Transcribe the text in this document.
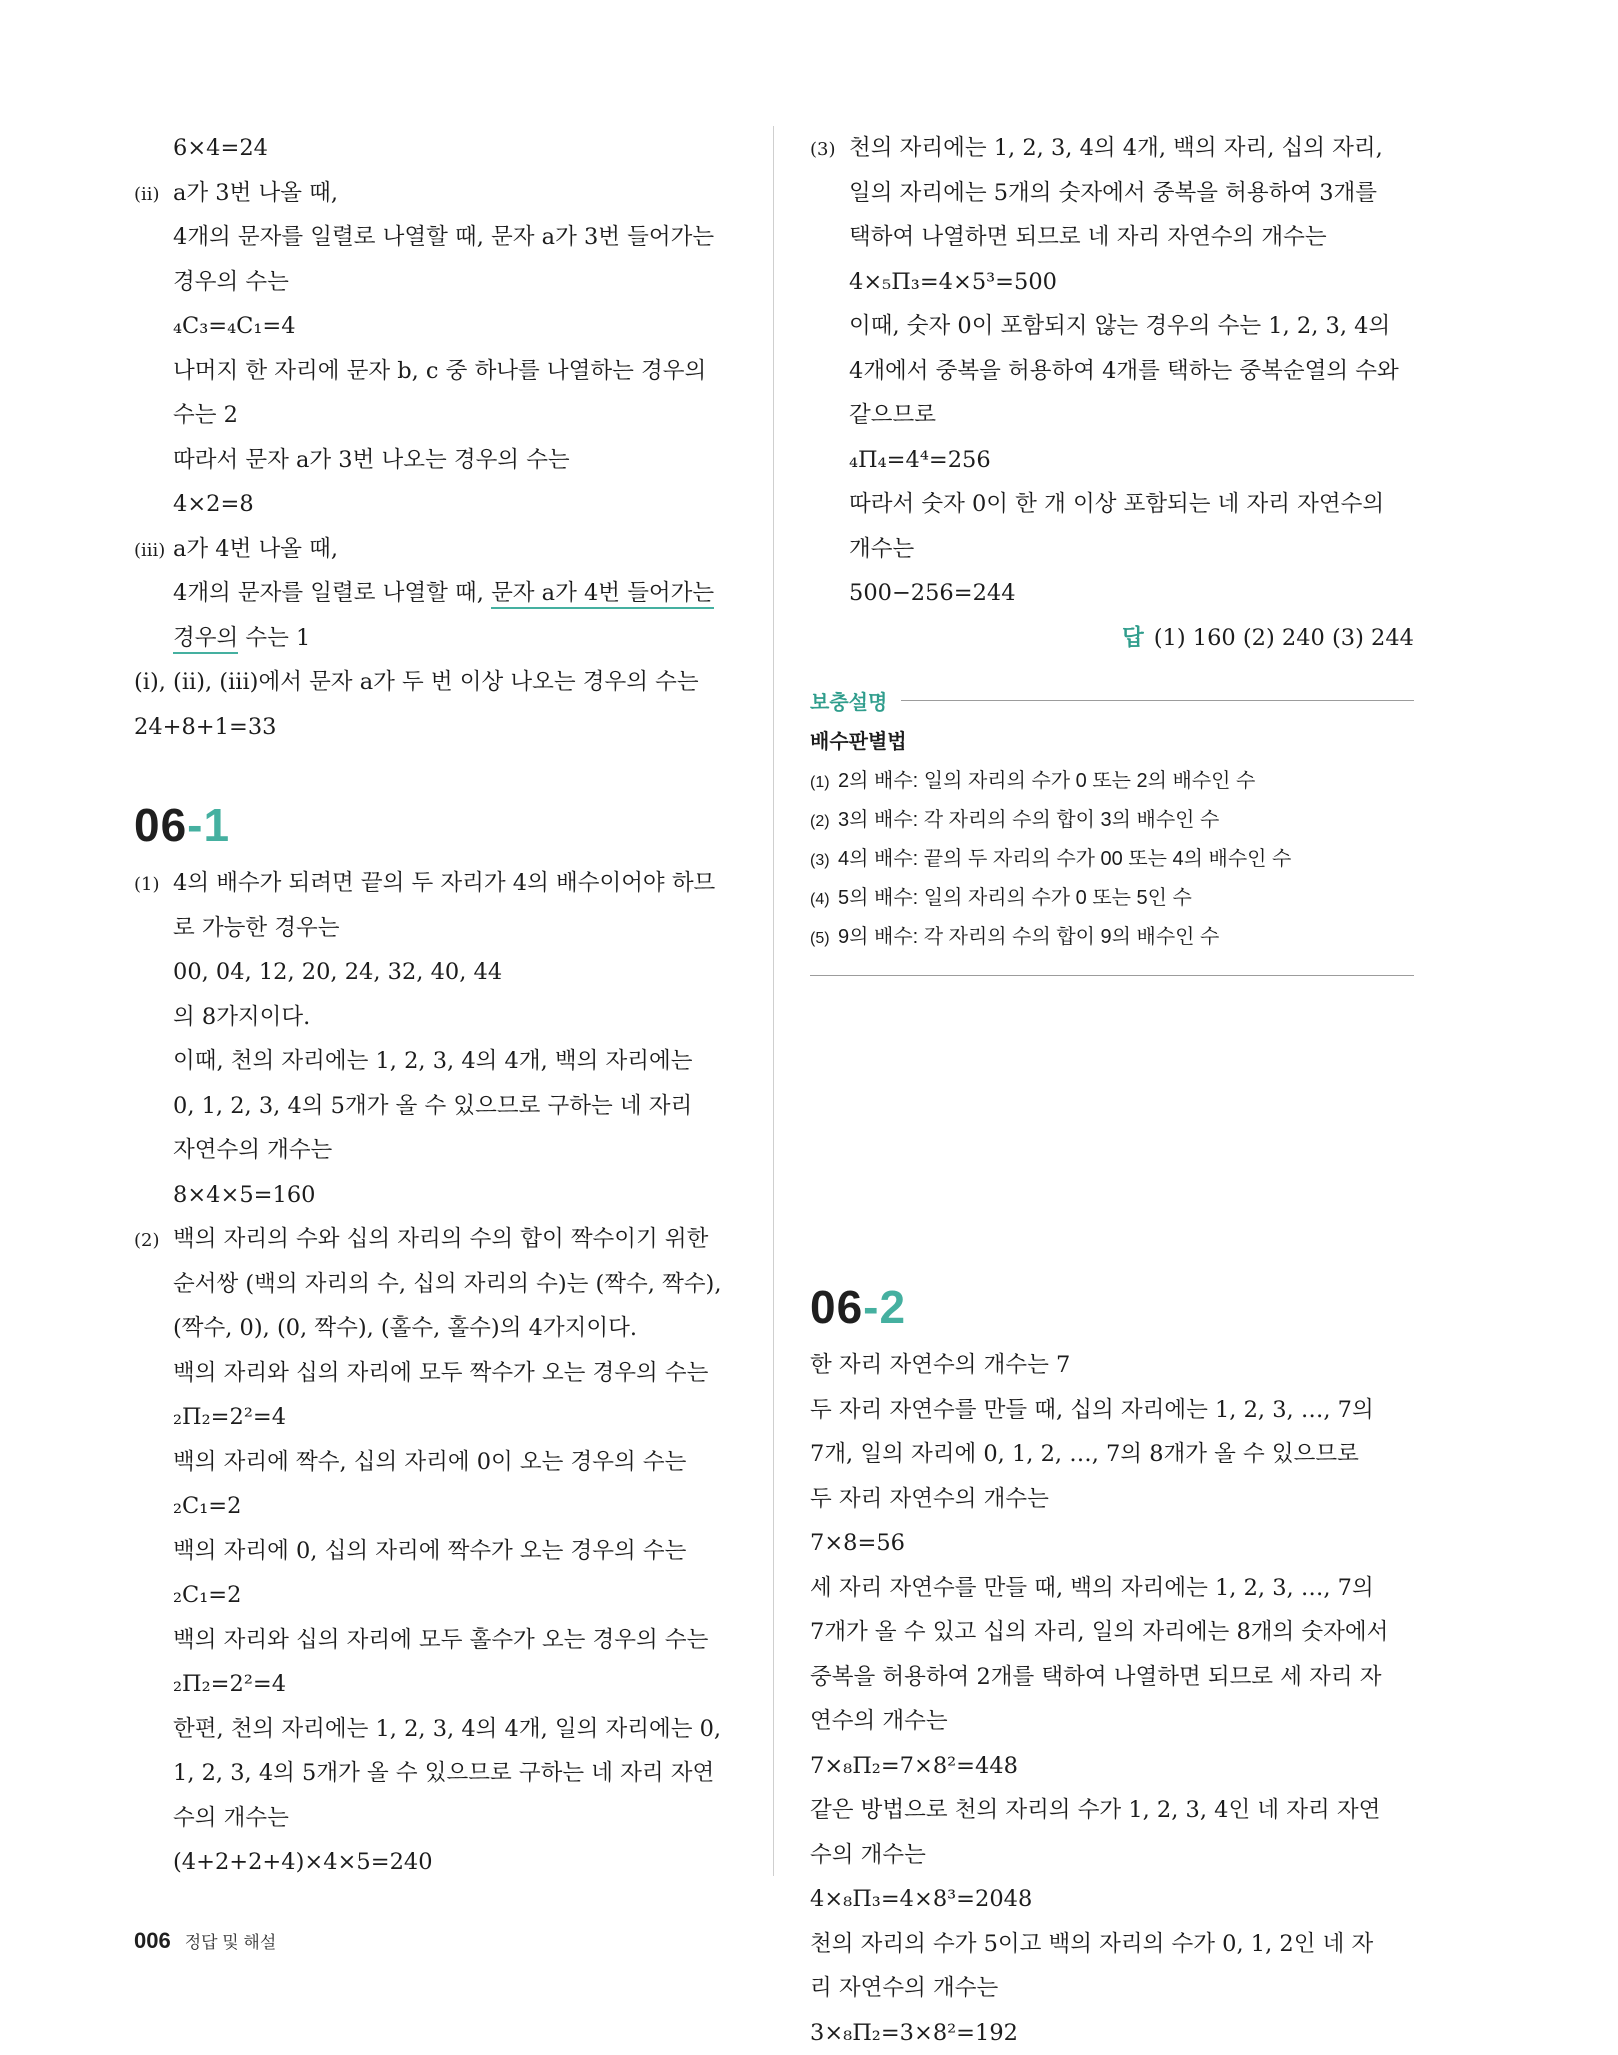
6×4=24
(ii) a가 3번 나올 때,
4개의 문자를 일렬로 나열할 때, 문자 a가 3번 들어가는
경우의 수는
₄C₃=₄C₁=4
나머지 한 자리에 문자 b, c 중 하나를 나열하는 경우의
수는 2
따라서 문자 a가 3번 나오는 경우의 수는
4×2=8
(iii) a가 4번 나올 때,
4개의 문자를 일렬로 나열할 때, 문자 a가 4번 들어가는
경우의 수는 1
(i), (ii), (iii)에서 문자 a가 두 번 이상 나오는 경우의 수는
24+8+1=33
06-1
(1) 4의 배수가 되려면 끝의 두 자리가 4의 배수이어야 하므
로 가능한 경우는
00, 04, 12, 20, 24, 32, 40, 44
의 8가지이다.
이때, 천의 자리에는 1, 2, 3, 4의 4개, 백의 자리에는
0, 1, 2, 3, 4의 5개가 올 수 있으므로 구하는 네 자리
자연수의 개수는
8×4×5=160
(2) 백의 자리의 수와 십의 자리의 수의 합이 짝수이기 위한
순서쌍 (백의 자리의 수, 십의 자리의 수)는 (짝수, 짝수),
(짝수, 0), (0, 짝수), (홀수, 홀수)의 4가지이다.
백의 자리와 십의 자리에 모두 짝수가 오는 경우의 수는
₂Π₂=2²=4
백의 자리에 짝수, 십의 자리에 0이 오는 경우의 수는
₂C₁=2
백의 자리에 0, 십의 자리에 짝수가 오는 경우의 수는
₂C₁=2
백의 자리와 십의 자리에 모두 홀수가 오는 경우의 수는
₂Π₂=2²=4
한편, 천의 자리에는 1, 2, 3, 4의 4개, 일의 자리에는 0,
1, 2, 3, 4의 5개가 올 수 있으므로 구하는 네 자리 자연
수의 개수는
(4+2+2+4)×4×5=240
(3) 천의 자리에는 1, 2, 3, 4의 4개, 백의 자리, 십의 자리,
일의 자리에는 5개의 숫자에서 중복을 허용하여 3개를
택하여 나열하면 되므로 네 자리 자연수의 개수는
4×₅Π₃=4×5³=500
이때, 숫자 0이 포함되지 않는 경우의 수는 1, 2, 3, 4의
4개에서 중복을 허용하여 4개를 택하는 중복순열의 수와
같으므로
₄Π₄=4⁴=256
따라서 숫자 0이 한 개 이상 포함되는 네 자리 자연수의
개수는
500−256=244
답 (1) 160 (2) 240 (3) 244
보충설명
배수판별법
(1) 2의 배수: 일의 자리의 수가 0 또는 2의 배수인 수
(2) 3의 배수: 각 자리의 수의 합이 3의 배수인 수
(3) 4의 배수: 끝의 두 자리의 수가 00 또는 4의 배수인 수
(4) 5의 배수: 일의 자리의 수가 0 또는 5인 수
(5) 9의 배수: 각 자리의 수의 합이 9의 배수인 수
06-2
한 자리 자연수의 개수는 7
두 자리 자연수를 만들 때, 십의 자리에는 1, 2, 3, …, 7의
7개, 일의 자리에 0, 1, 2, …, 7의 8개가 올 수 있으므로
두 자리 자연수의 개수는
7×8=56
세 자리 자연수를 만들 때, 백의 자리에는 1, 2, 3, …, 7의
7개가 올 수 있고 십의 자리, 일의 자리에는 8개의 숫자에서
중복을 허용하여 2개를 택하여 나열하면 되므로 세 자리 자
연수의 개수는
7×₈Π₂=7×8²=448
같은 방법으로 천의 자리의 수가 1, 2, 3, 4인 네 자리 자연
수의 개수는
4×₈Π₃=4×8³=2048
천의 자리의 수가 5이고 백의 자리의 수가 0, 1, 2인 네 자
리 자연수의 개수는
3×₈Π₂=3×8²=192
006 정답 및 해설
